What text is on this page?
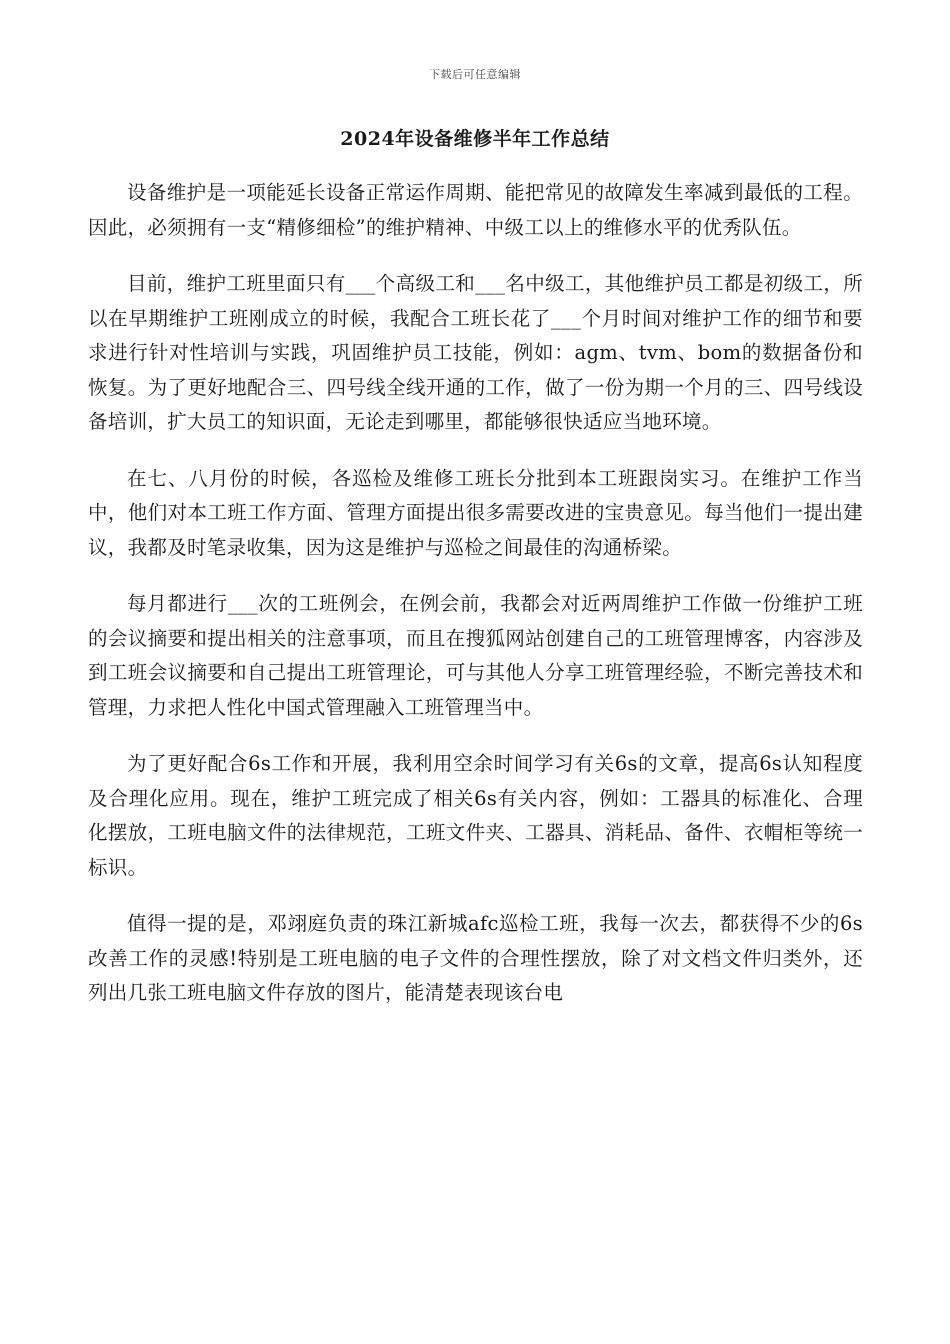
下载后可任意编辑
2024年设备维修半年工作总结

设备维护是一项能延长设备正常运作周期、能把常见的故障发生率减到最低的工程。因此，必须拥有一支“精修细检”的维护精神、中级工以上的维修水平的优秀队伍。

目前，维护工班里面只有___个高级工和___名中级工，其他维护员工都是初级工，所以在早期维护工班刚成立的时候，我配合工班长花了___个月时间对维护工作的细节和要求进行针对性培训与实践，巩固维护员工技能，例如：agm、tvm、bom的数据备份和恢复。为了更好地配合三、四号线全线开通的工作，做了一份为期一个月的三、四号线设备培训，扩大员工的知识面，无论走到哪里，都能够很快适应当地环境。

在七、八月份的时候，各巡检及维修工班长分批到本工班跟岗实习。在维护工作当中，他们对本工班工作方面、管理方面提出很多需要改进的宝贵意见。每当他们一提出建议，我都及时笔录收集，因为这是维护与巡检之间最佳的沟通桥梁。

每月都进行___次的工班例会，在例会前，我都会对近两周维护工作做一份维护工班的会议摘要和提出相关的注意事项，而且在搜狐网站创建自己的工班管理博客，内容涉及到工班会议摘要和自己提出工班管理论，可与其他人分享工班管理经验，不断完善技术和管理，力求把人性化中国式管理融入工班管理当中。

为了更好配合6s工作和开展，我利用空余时间学习有关6s的文章，提高6s认知程度及合理化应用。现在，维护工班完成了相关6s有关内容，例如：工器具的标准化、合理化摆放，工班电脑文件的法律规范，工班文件夹、工器具、消耗品、备件、衣帽柜等统一标识。

值得一提的是，邓翊庭负责的珠江新城afc巡检工班，我每一次去，都获得不少的6s改善工作的灵感!特别是工班电脑的电子文件的合理性摆放，除了对文档文件归类外，还列出几张工班电脑文件存放的图片，能清楚表现该台电
